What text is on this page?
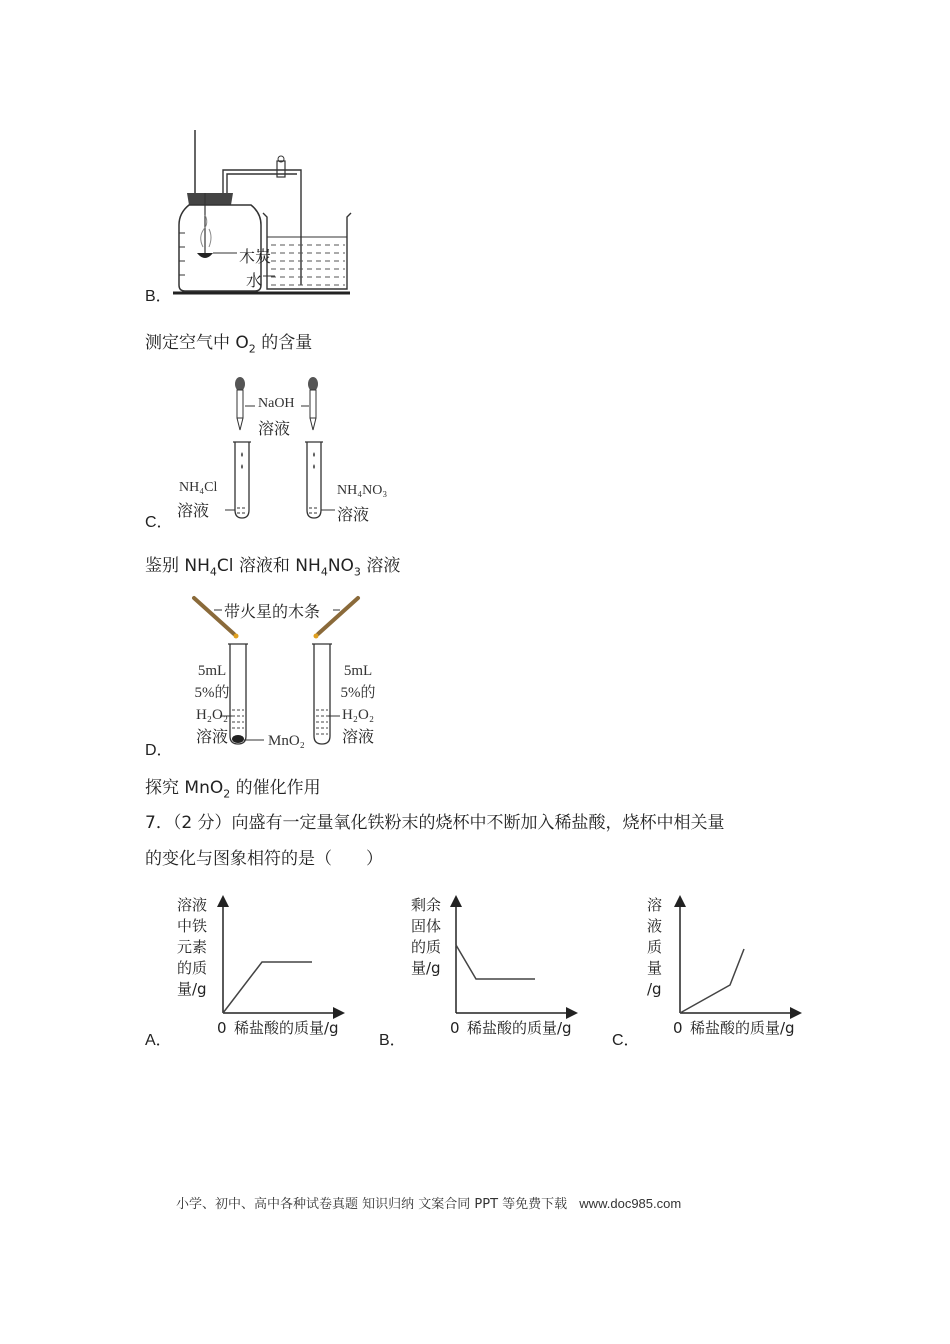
木炭
水
B．
测定空气中 $O_2$ 的含量
NaOH
溶液
NH₄Cl
溶液
NH₄NO₃
溶液
C．
鉴别 $NH_4Cl$ 溶液和 $NH_4NO_3$ 溶液
带火星的木条
5mL
5%的
H₂O₂
溶液
5mL
5%的
H₂O₂
溶液
MnO₂
D．
探究 MnO$_2$ 的催化作用
7．（2 分）向盛有一定量氧化铁粉末的烧杯中不断加入稀盐酸，烧杯中相关量
的变化与图象相符的是（　　）
溶液
中铁
元素
的质
量/g
0 稀盐酸的质量/g
A．
剩余
固体
的质
量/g
0 稀盐酸的质量/g
B．
溶
液
质
量
/g
0 稀盐酸的质量/g
C．
小学、初中、高中各种试卷真题 知识归纳 文案合同 PPT 等免费下载 www.doc985.com
